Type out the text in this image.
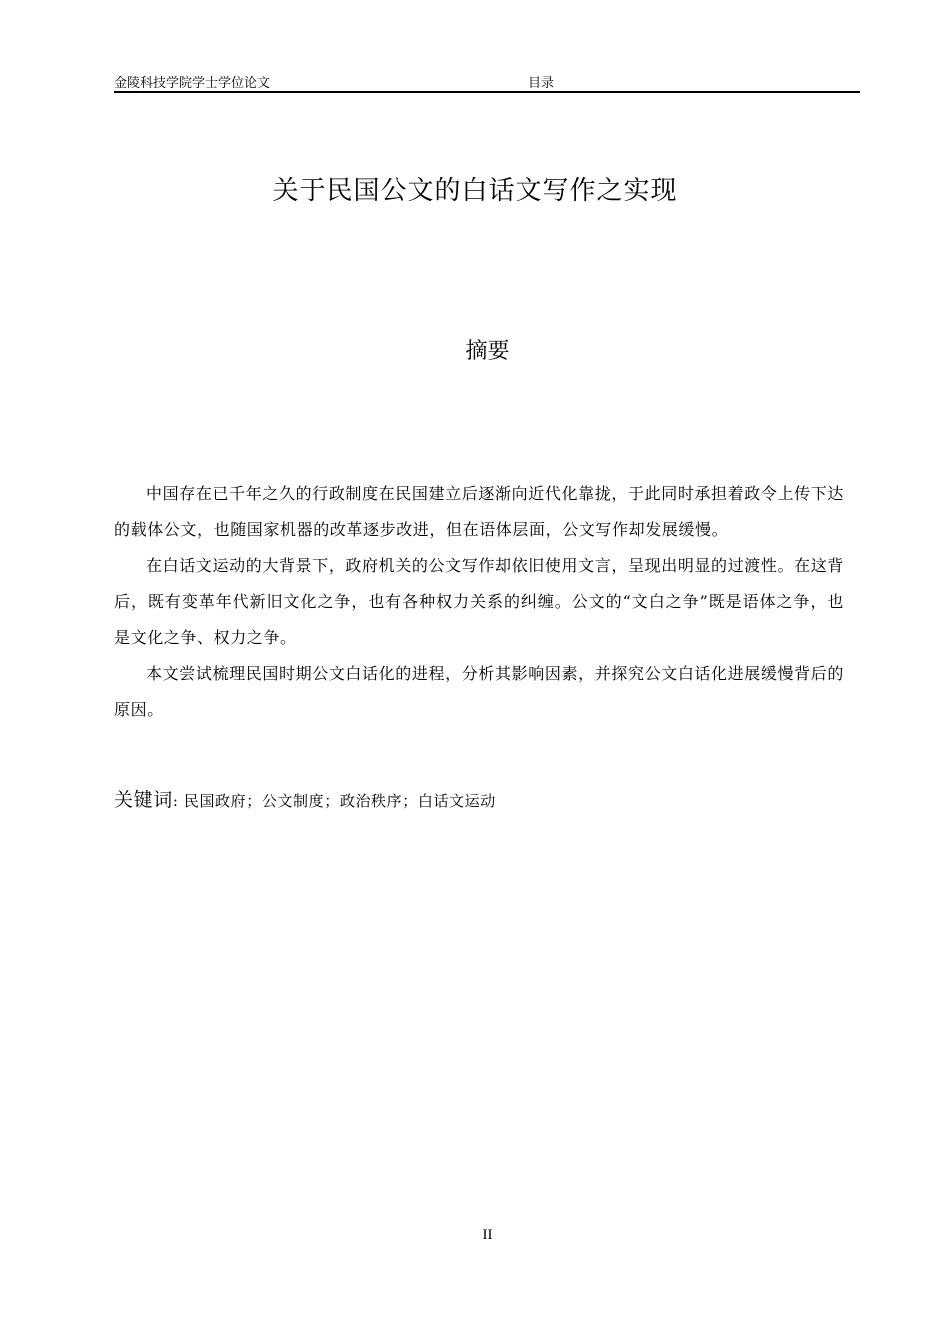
金陵科技学院学士学位论文	目录
关于民国公文的白话文写作之实现
摘要

中国存在已千年之久的行政制度在民国建立后逐渐向近代化靠拢，于此同时承担着政令上传下达的载体公文，也随国家机器的改革逐步改进，但在语体层面，公文写作却发展缓慢。

在白话文运动的大背景下，政府机关的公文写作却依旧使用文言，呈现出明显的过渡性。在这背后，既有变革年代新旧文化之争，也有各种权力关系的纠缠。公文的“文白之争”既是语体之争，也是文化之争、权力之争。

本文尝试梳理民国时期公文白话化的进程，分析其影响因素，并探究公文白话化进展缓慢背后的原因。

关键词: 民国政府；公文制度；政治秩序；白话文运动
II
